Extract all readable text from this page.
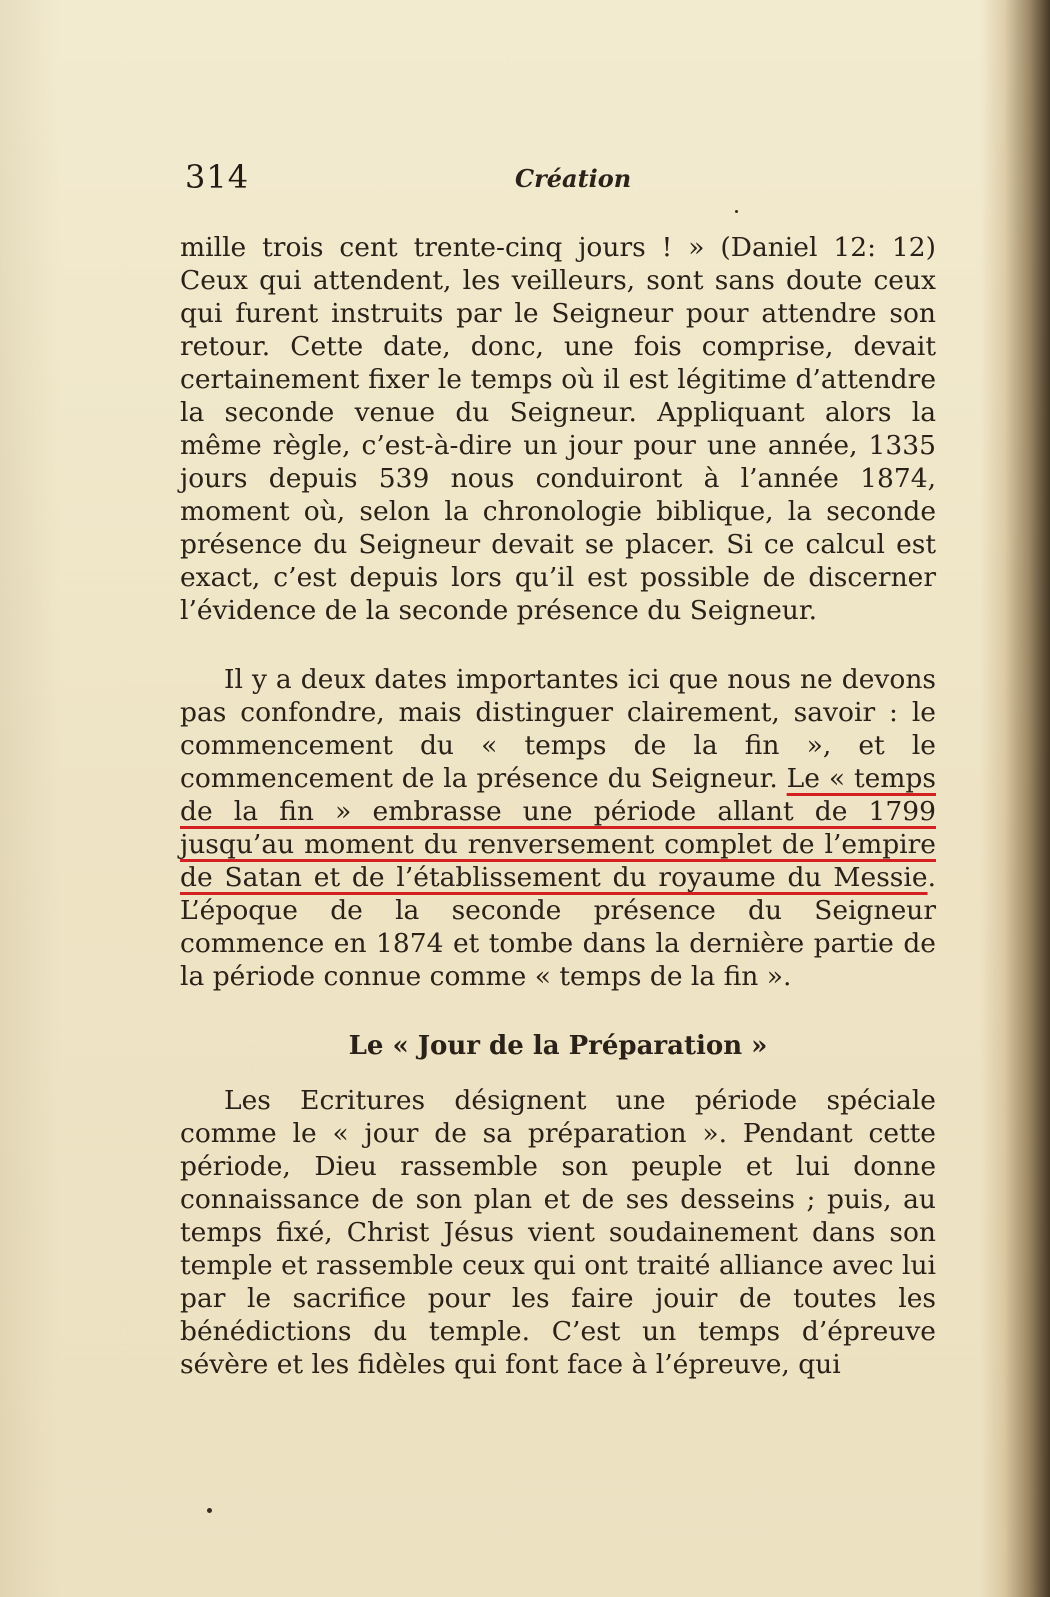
314	Création

mille trois cent trente-cinq jours ! » (Daniel 12: 12) Ceux qui attendent, les veilleurs, sont sans doute ceux qui furent instruits par le Seigneur pour attendre son retour. Cette date, donc, une fois comprise, devait certainement fixer le temps où il est légitime d’attendre la seconde venue du Seigneur. Appliquant alors la même règle, c’est-à-dire un jour pour une année, 1335 jours depuis 539 nous conduiront à l’année 1874, moment où, selon la chronologie biblique, la seconde présence du Seigneur devait se placer. Si ce calcul est exact, c’est depuis lors qu’il est possible de discerner l’évidence de la seconde présence du Seigneur.

Il y a deux dates importantes ici que nous ne devons pas confondre, mais distinguer clairement, savoir : le commencement du « temps de la fin », et le commencement de la présence du Seigneur. Le « temps de la fin » embrasse une période allant de 1799 jusqu’au moment du renversement complet de l’empire de Satan et de l’établissement du royaume du Messie. L’époque de la seconde présence du Seigneur commence en 1874 et tombe dans la dernière partie de la période connue comme « temps de la fin ».

Le « Jour de la Préparation »

Les Ecritures désignent une période spéciale comme le « jour de sa préparation ». Pendant cette période, Dieu rassemble son peuple et lui donne connaissance de son plan et de ses desseins ; puis, au temps fixé, Christ Jésus vient soudainement dans son temple et rassemble ceux qui ont traité alliance avec lui par le sacrifice pour les faire jouir de toutes les bénédictions du temple. C’est un temps d’épreuve sévère et les fidèles qui font face à l’épreuve, qui
